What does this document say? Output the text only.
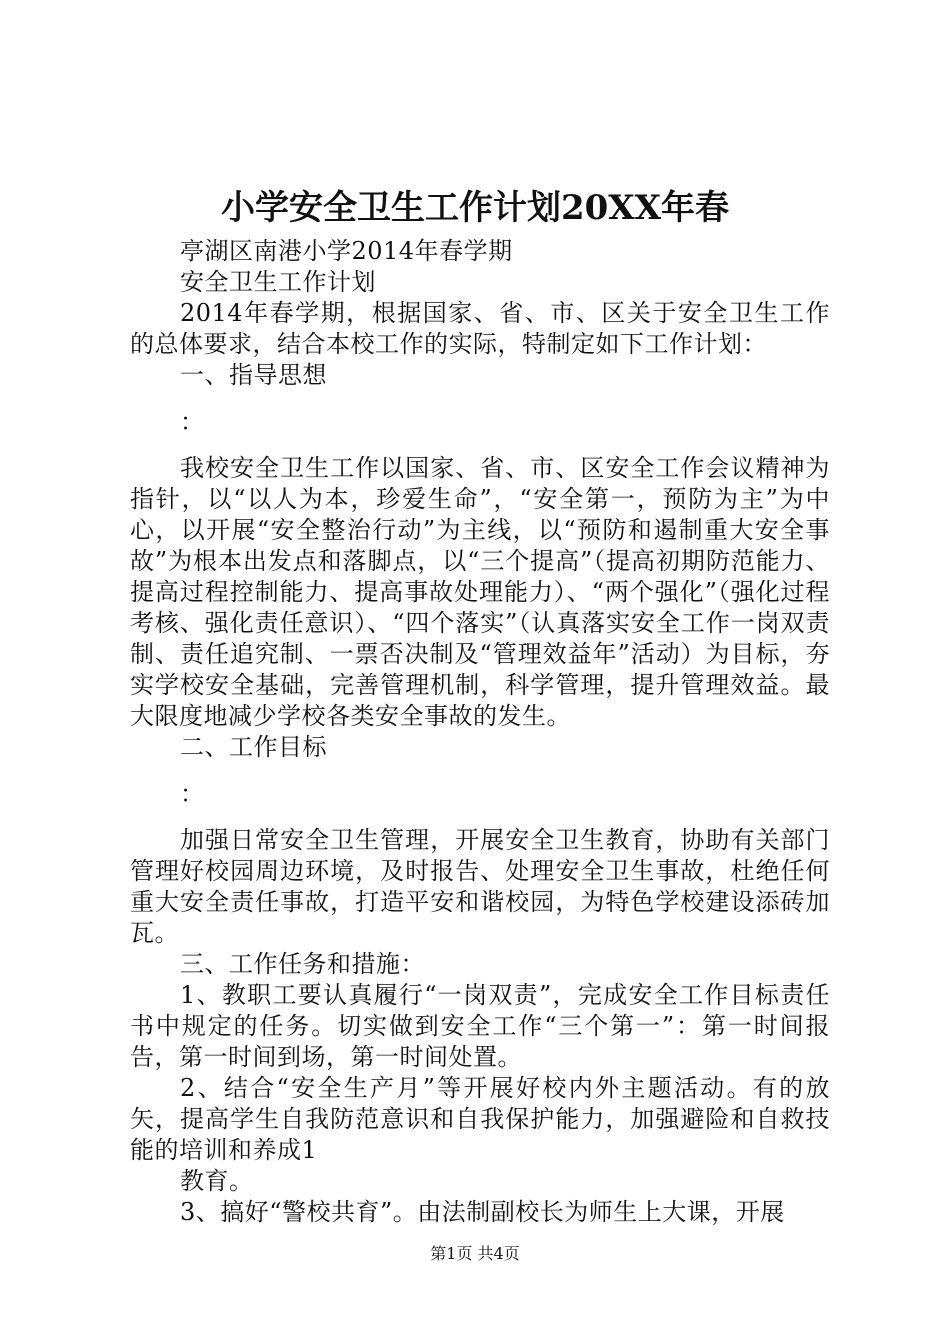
小学安全卫生工作计划20XX年春

亭湖区南港小学2014年春学期

安全卫生工作计划

2014年春学期，根据国家、省、市、区关于安全卫生工作的总体要求，结合本校工作的实际，特制定如下工作计划：

一、指导思想

：

我校安全卫生工作以国家、省、市、区安全工作会议精神为指针，以“以人为本，珍爱生命”，“安全第一，预防为主”为中心，以开展“安全整治行动”为主线，以“预防和遏制重大安全事故”为根本出发点和落脚点，以“三个提高”（提高初期防范能力、提高过程控制能力、提高事故处理能力）、“两个强化”（强化过程考核、强化责任意识）、“四个落实”（认真落实安全工作一岗双责制、责任追究制、一票否决制及“管理效益年”活动）为目标，夯实学校安全基础，完善管理机制，科学管理，提升管理效益。最大限度地减少学校各类安全事故的发生。

二、工作目标

：

加强日常安全卫生管理，开展安全卫生教育，协助有关部门管理好校园周边环境，及时报告、处理安全卫生事故，杜绝任何重大安全责任事故，打造平安和谐校园，为特色学校建设添砖加瓦。

三、工作任务和措施：

1、教职工要认真履行“一岗双责”，完成安全工作目标责任书中规定的任务。切实做到安全工作“三个第一”：第一时间报告，第一时间到场，第一时间处置。

2、结合“安全生产月”等开展好校内外主题活动。有的放矢，提高学生自我防范意识和自我保护能力，加强避险和自救技能的培训和养成1

教育。

3、搞好“警校共育”。由法制副校长为师生上大课，开展

第1页 共4页
